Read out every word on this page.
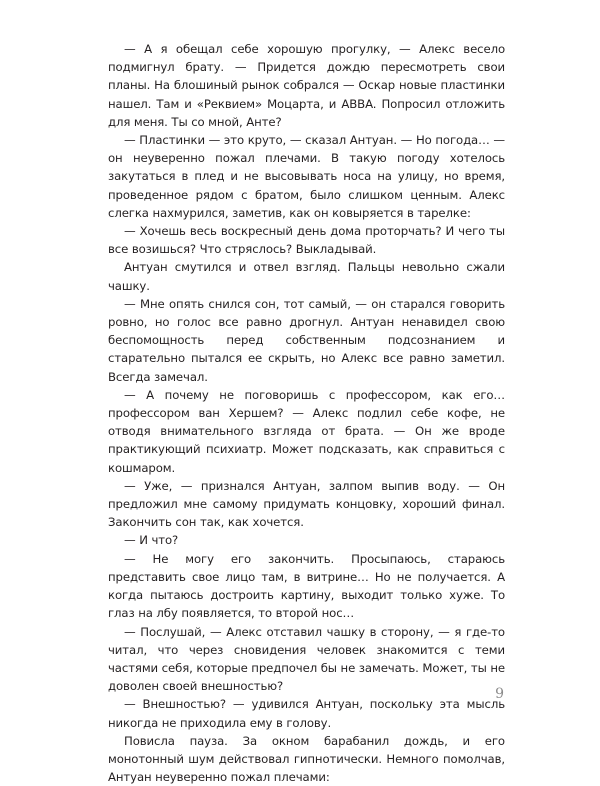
— А я обещал себе хорошую прогулку, — Алекс весело подмигнул брату. — Придется дождю пересмотреть свои планы. На блошиный рынок собрался — Оскар новые пластинки нашел. Там и «Реквием» Моцарта, и ABBA. Попросил отложить для меня. Ты со мной, Анте?

— Пластинки — это круто, — сказал Антуан. — Но погода… — он неуверенно пожал плечами. В такую погоду хотелось закутаться в плед и не высовывать носа на улицу, но время, проведенное рядом с братом, было слишком ценным. Алекс слегка нахмурился, заметив, как он ковыряется в тарелке:

— Хочешь весь воскресный день дома проторчать? И чего ты все возишься? Что стряслось? Выкладывай.

Антуан смутился и отвел взгляд. Пальцы невольно сжали чашку.

— Мне опять снился сон, тот самый, — он старался говорить ровно, но голос все равно дрогнул. Антуан ненавидел свою беспомощность перед собственным подсознанием и старательно пытался ее скрыть, но Алекс все равно заметил. Всегда замечал.

— А почему не поговоришь с профессором, как его… профессором ван Хершем? — Алекс подлил себе кофе, не отводя внимательного взгляда от брата. — Он же вроде практикующий психиатр. Может подсказать, как справиться с кошмаром.

— Уже, — признался Антуан, залпом выпив воду. — Он предложил мне самому придумать концовку, хороший финал. Закончить сон так, как хочется.

— И что?

— Не могу его закончить. Просыпаюсь, стараюсь представить свое лицо там, в витрине… Но не получается. А когда пытаюсь достроить картину, выходит только хуже. То глаз на лбу появляется, то второй нос…

— Послушай, — Алекс отставил чашку в сторону, — я где-то читал, что через сновидения человек знакомится с теми частями себя, которые предпочел бы не замечать. Может, ты не доволен своей внешностью?

— Внешностью? — удивился Антуан, поскольку эта мысль никогда не приходила ему в голову.

Повисла пауза. За окном барабанил дождь, и его монотонный шум действовал гипнотически. Немного помолчав, Антуан неуверенно пожал плечами:

9
